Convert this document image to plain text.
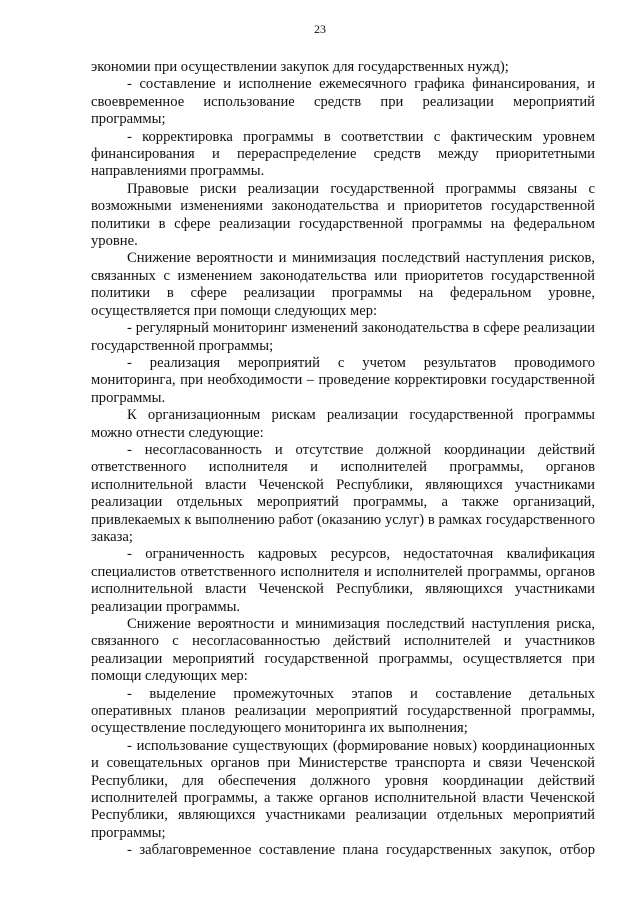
23

экономии при осуществлении закупок для государственных нужд);

- составление и исполнение ежемесячного графика финансирования, и своевременное использование средств при реализации мероприятий программы;

- корректировка программы в соответствии с фактическим уровнем финансирования и перераспределение средств между приоритетными направлениями программы.

Правовые риски реализации государственной программы связаны с возможными изменениями законодательства и приоритетов государственной политики в сфере реализации государственной программы на федеральном уровне.

Снижение вероятности и минимизация последствий наступления рисков, связанных с изменением законодательства или приоритетов государственной политики в сфере реализации программы на федеральном уровне, осуществляется при помощи следующих мер:

- регулярный мониторинг изменений законодательства в сфере реализации государственной программы;

- реализация мероприятий с учетом результатов проводимого мониторинга, при необходимости – проведение корректировки государственной программы.

К организационным рискам реализации государственной программы можно отнести следующие:

- несогласованность и отсутствие должной координации действий ответственного исполнителя и исполнителей программы, органов исполнительной власти Чеченской Республики, являющихся участниками реализации отдельных мероприятий программы, а также организаций, привлекаемых к выполнению работ (оказанию услуг) в рамках государственного заказа;

- ограниченность кадровых ресурсов, недостаточная квалификация специалистов ответственного исполнителя и исполнителей программы, органов исполнительной власти Чеченской Республики, являющихся участниками реализации программы.

Снижение вероятности и минимизация последствий наступления риска, связанного с несогласованностью действий исполнителей и участников реализации мероприятий государственной программы, осуществляется при помощи следующих мер:

- выделение промежуточных этапов и составление детальных оперативных планов реализации мероприятий государственной программы, осуществление последующего мониторинга их выполнения;

- использование существующих (формирование новых) координационных и совещательных органов при Министерстве транспорта и связи Чеченской Республики, для обеспечения должного уровня координации действий исполнителей программы, а также органов исполнительной власти Чеченской Республики, являющихся участниками реализации отдельных мероприятий программы;

- заблаговременное составление плана государственных закупок, отбор
